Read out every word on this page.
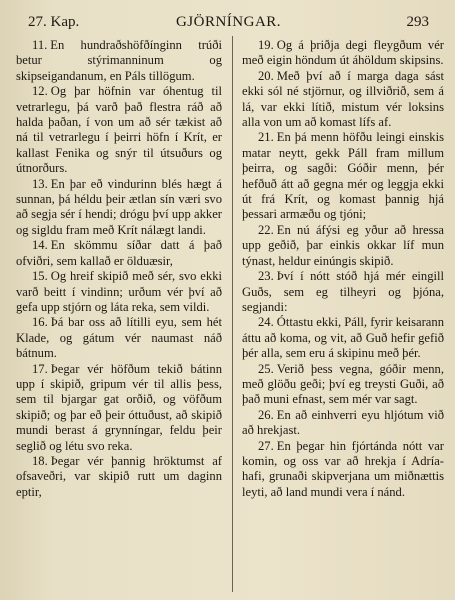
27. Kap.	GJÖRNÍNGAR.	293

11. En hundraðshöfðínginn trúði betur stýrimanninum og skipseigandanum, en Páls tillögum.

12. Og þar höfnin var óhentug til vetrarlegu, þá varð það flestra ráð að halda þaðan, í von um að sér tækist að ná til vetrarlegu í þeirri höfn í Krít, er kallast Fenika og snýr til útsuðurs og útnorðurs.

13. En þar eð vindurinn blés hægt á sunnan, þá héldu þeir ætlan sín væri svo að segja sér í hendi; drógu því upp akker og sigldu fram með Krít nálægt landi.

14. En skömmu síðar datt á það ofviðri, sem kallað er ölduæsir,

15. Og hreif skipið með sér, svo ekki varð beitt í vindinn; urðum vér því að gefa upp stjórn og láta reka, sem vildi.

16. Þá bar oss að lítilli eyu, sem hét Klade, og gátum vér naumast náð bátnum.

17. Þegar vér höfðum tekið bátinn upp í skipið, gripum vér til allis þess, sem til bjargar gat orðið, og vöfðum skipið; og þar eð þeir óttuðust, að skipið mundi berast á grynníngar, feldu þeir seglið og létu svo reka.

18. Þegar vér þannig hröktumst af ofsaveðri, var skipið rutt um daginn eptir,

19. Og á þriðja degi fleygðum vér með eigin höndum út áhöldum skipsins.

20. Með því að í marga daga sást ekki sól né stjörnur, og illviðrið, sem á lá, var ekki lítið, mistum vér loksins alla von um að komast lífs af.

21. En þá menn höfðu leingi einskis matar neytt, gekk Páll fram millum þeirra, og sagði: Góðir menn, þér hefðuð átt að gegna mér og leggja ekki út frá Krít, og komast þannig hjá þessari armæðu og tjóni;

22. En nú áfýsi eg yður að hressa upp geðið, þar einkis okkar líf mun týnast, heldur einúngis skipið.

23. Því í nótt stóð hjá mér eingill Guðs, sem eg tilheyri og þjóna, segjandi:

24. Óttastu ekki, Páll, fyrir keisarann áttu að koma, og vit, að Guð hefir gefið þér alla, sem eru á skipinu með þér.

25. Verið þess vegna, góðir menn, með glöðu geði; því eg treysti Guði, að það muni efnast, sem mér var sagt.

26. En að einhverri eyu hljótum við að hrekjast.

27. En þegar hin fjórtánda nótt var komin, og oss var að hrekja í Adría-hafi, grunaði skipverjana um miðnættis leyti, að land mundi vera í nánd.
